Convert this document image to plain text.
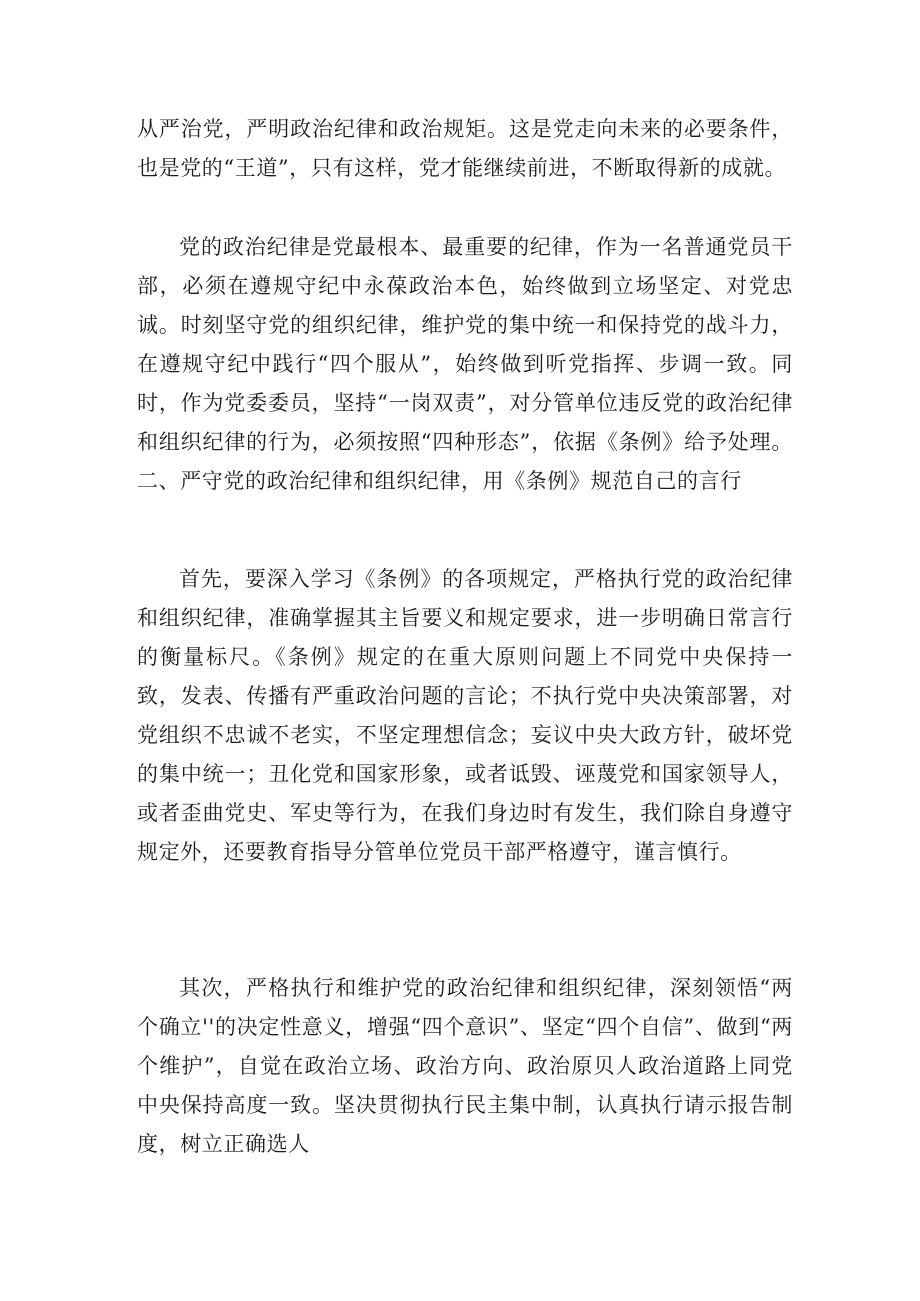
从严治党，严明政治纪律和政治规矩。这是党走向未来的必要条件，也是党的“王道”，只有这样，党才能继续前进，不断取得新的成就。

党的政治纪律是党最根本、最重要的纪律，作为一名普通党员干部，必须在遵规守纪中永葆政治本色，始终做到立场坚定、对党忠诚。时刻坚守党的组织纪律，维护党的集中统一和保持党的战斗力，在遵规守纪中践行“四个服从”，始终做到听党指挥、步调一致。同时，作为党委委员，坚持“一岗双责”，对分管单位违反党的政治纪律和组织纪律的行为，必须按照“四种形态”，依据《条例》给予处理。二、严守党的政治纪律和组织纪律，用《条例》规范自己的言行

首先，要深入学习《条例》的各项规定，严格执行党的政治纪律和组织纪律，准确掌握其主旨要义和规定要求，进一步明确日常言行的衡量标尺。《条例》规定的在重大原则问题上不同党中央保持一致，发表、传播有严重政治问题的言论；不执行党中央决策部署，对党组织不忠诚不老实，不坚定理想信念；妄议中央大政方针，破坏党的集中统一；丑化党和国家形象，或者诋毁、诬蔑党和国家领导人，或者歪曲党史、军史等行为，在我们身边时有发生，我们除自身遵守规定外，还要教育指导分管单位党员干部严格遵守，谨言慎行。

其次，严格执行和维护党的政治纪律和组织纪律，深刻领悟“两个确立''的决定性意义，增强“四个意识”、坚定“四个自信”、做到“两个维护”，自觉在政治立场、政治方向、政治原贝人政治道路上同党中央保持高度一致。坚决贯彻执行民主集中制，认真执行请示报告制度，树立正确选人
